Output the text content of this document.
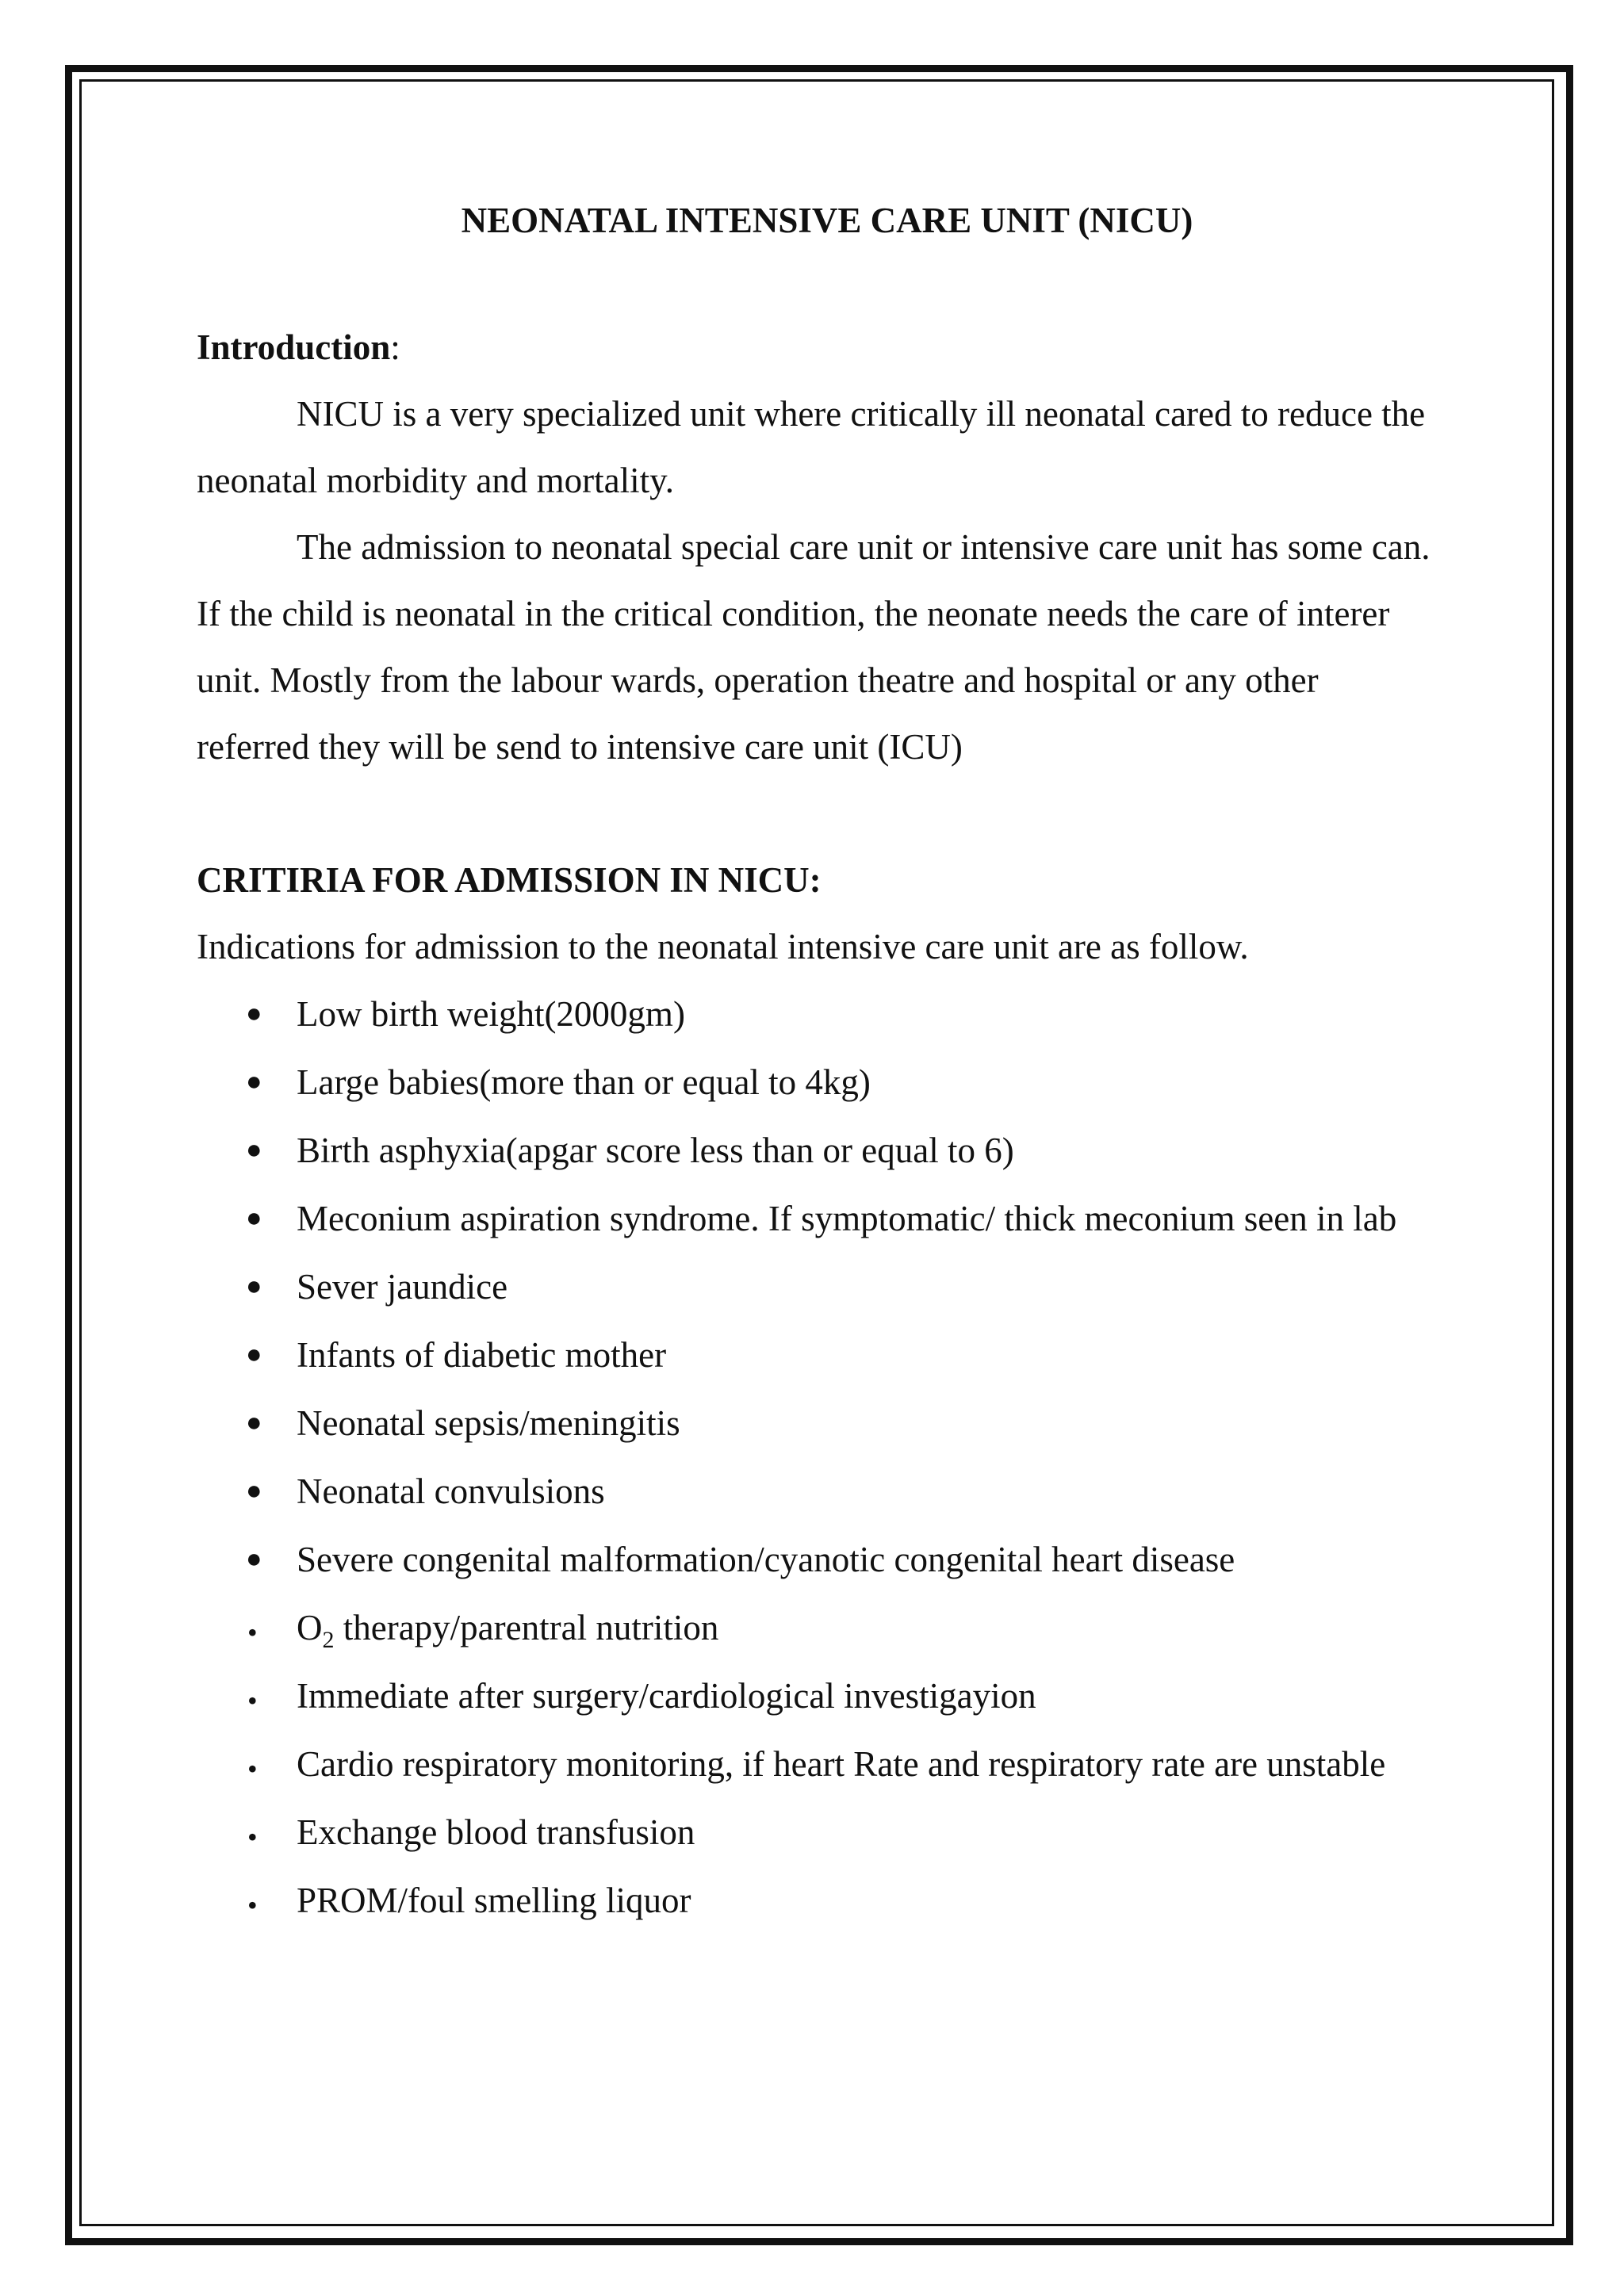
NEONATAL INTENSIVE CARE UNIT (NICU)

Introduction:

NICU is a very specialized unit where critically ill neonatal cared to reduce the neonatal morbidity and mortality.

The admission to neonatal special care unit or intensive care unit has some can. If the child is neonatal in the critical condition, the neonate needs the care of interer unit. Mostly from the labour wards, operation theatre and hospital or any other referred they will be send to intensive care unit (ICU)

CRITIRIA FOR ADMISSION IN NICU:

Indications for admission to the neonatal intensive care unit are as follow.

● Low birth weight(2000gm)
● Large babies(more than or equal to 4kg)
● Birth asphyxia(apgar score less than or equal to 6)
● Meconium aspiration syndrome. If symptomatic/ thick meconium seen in lab
● Sever jaundice
● Infants of diabetic mother
● Neonatal sepsis/meningitis
● Neonatal convulsions
● Severe congenital malformation/cyanotic congenital heart disease
• $O_2$ therapy/parentral nutrition
• Immediate after surgery/cardiological investigayion
• Cardio respiratory monitoring, if heart Rate and respiratory rate are unstable
• Exchange blood transfusion
• PROM/foul smelling liquor
